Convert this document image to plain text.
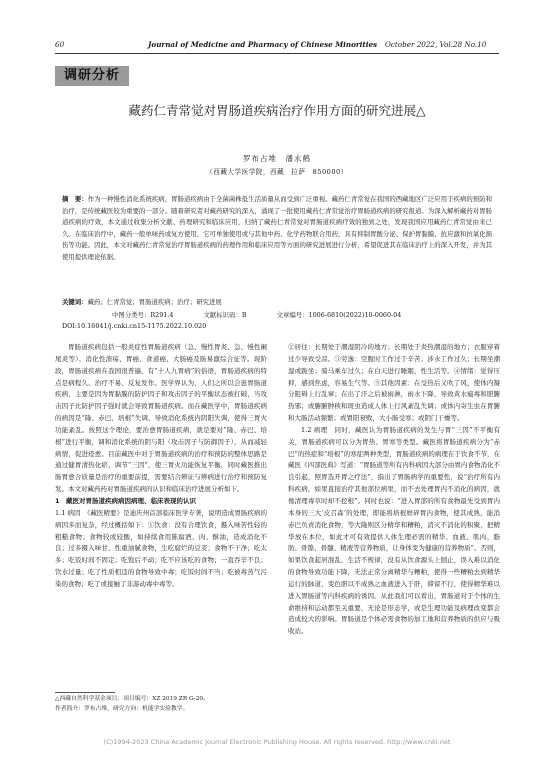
60	Journal of Medicine and Pharmacy of Chinese Minorities October 2022, Vol.28 No.10
调研分析
藏药仁青常觉对胃肠道疾病治疗作用方面的研究进展△
罗布占堆　潘永鹤
（西藏大学医学院，西藏　拉萨　850000）
摘　要：作为一种慢性消化系统疾病，胃肠道疾病由于全菌菌株低生活质量从而受到广泛重视。藏药仁青常觉在我国的西藏地区广泛应用于疾病的预防和治疗，是传统藏医较为重要的一部分。随着研究者对藏药研究的深入，涌现了一批使用藏药仁青常觉治疗胃肠道疾病的研究报道。为深入解析藏药对胃肠道疾病的疗效，本文通过收集分析文献、药理研究和临床应用，归纳了藏药仁青常觉对胃肠道疾病疗效的独到之处，发现我国应用藏药仁青常觉由来已久。在临床治疗中，藏药一般单味药或复方使用，它可单独使用或与其他中药、化学药物联合用药，具有抑制胃酸分泌、保护胃黏膜、抗应激和抗氧化损伤等功能。因此，本文对藏药仁青常觉治疗胃肠道疾病的药理作用和临床应用等方面的研究进展进行分析，希望促进其在临床治疗上的深入开发，并为其使用提供理论依据。
关键词：藏药；仁青常觉；胃肠道疾病；治疗；研究进展
中图分类号：R291.4	文献标识码：B	文章编号：1006-6810(2022)10-0060-04
DOI:10.16041/j.cnki.cn15-1175.2022.10.020

胃肠道疾病包括一般炎症性胃肠道疾病（急、慢性胃炎、急、慢性阑尾炎等）、消化性溃疡、胃癌、食道癌、大肠癌及肠易激综合征等。现阶段，胃肠道疾病在我国很普遍，有“十人九胃病”的俗语，胃肠道疾病的特点是病程久、治疗不易、反复发作。医学界认为，人们之所以会患胃肠道疾病，主要是因为胃黏膜的防护因子和攻击因子的平衡状态被打破，当攻击因子比防护因子强时就会导致胃肠道疾病。而在藏医学中，胃肠道疾病的病因是“隆、赤巴、培根”失调、导致消化系统内阴阳失调，使得三胃火功能紊乱。按照这个理论，要治愈胃肠道疾病，就是要对“隆、赤巴、培根”进行平衡，调和消化系统的阴与阳（攻击因子与防御因子），从而减轻病情，促进痊愈。目前藏医中对于胃肠道疾病的治疗和预防的整体思路是通过健胃清热化瘀，调节“三因”，使三胃火功能恢复平衡，同时藏医推出肠胃愈合质量是治疗的重要前提，需要结合辨证与辨病进行治疗和预防复发。本文对藏药药对胃肠道疾病的认识和临床治疗进展分析如下。

1　藏医对胃肠道疾病病因病理、临床表现的认识

1.1 病因　《藏医精要》是迪庆州首部临床医学专著，说明造成胃肠疾病的病因多而复杂，经过概括如下：①饮食：没有合理饮食，摄入味苦性轻的粗糙食物；食物较或较酸，如持续食用陈腐酒、肉、酥油，造成消化不良；过多摄入味甘、性重油腻食物，生吃腐烂的豆麦；食物不干净；吃太多；吃饭时间不固定；吃饱后不动；吃不应该吃的食物；一直吞辛不良；饮水过量；吃了性质相违的食物导致中毒；吃饭时间不当；吃被毒蒸气污染的食物；吃了或接触了非游动毒中毒等。

△西藏自然科学基金项目，项目编号：XZ 2019 ZR G-20。
作者简介：罗布占堆，研究方向：机能学实验教学。

②居住：长期处于潮湿阴冷的地方；长期处于炎热潮湿的地方；衣服穿着过少导致受凉。③劳逸：空腹时工作过于辛苦；涉水工作过久；长期坐潮湿或跪坐；骑马乘车过久；在白天进行睡眠，性生活等。④情绪：觉得压抑，感到焦虑，容易生气等。⑤其他因素：在受热后又吹了风，使体内凝分阻碍上行乱窜；在出了汗之后被雨淋，雨水下降，导致黄水瘟毒和胆腑热邪；或腑腑肿秧和斑虫造成人体上行风紊乱失调；或体内寄生虫在胃腑和大肠活动频繁；或胃阳衰败，大小肠受寒；或阴门干燥等。

1.2 病理　同时，藏医认为胃肠道疾病的发生与胃“三因”不平衡有关，胃肠道疾病可以分为胃热、胃寒等类型。藏医将胃肠道疾病分为“赤巴”的热症和“培根”的寒症两种类型，胃肠道疾病的病理在于饮食不节，在藏医《四部医典》写道：“胃肠道等所有内科病因大部分由胃内食物消化不良引起，照胃选开胃之疗法”，指出了胃肠病学的重要性，说“治疗所有内科疾病，如果直接治疗其他部位病果，而不去处理胃内不消化的病因，就像清理毒草时却不挖根”。同时也说：“进入胃部的所有食物最先受到胃内本身的三大‘皮召森’的处理，即能将培根磨碎胃内食物，使其成熟，能消赤巴负责消化食物，等大隆则区分精华和糟粕，消灭不消化的积聚，把精华放在本位，如此才可有效提供人体生理必需的精华、血液、肌肉、脂肪、骨骼、骨髓、精液等营养物质，让身体变为健康的营养物质”。否则，如果饮食起居混乱，生活不规律，没有从饮食源头上刨止，误入难以消化的食物导致功能下降，无法正常分离精华与糟粕，使得一些糟粕去到精华运行的脉道、变色胆以不成熟之血液进入于肝，滞留不行，使得精华难以进入胃肠道等内科疾病的诱因。从此我们可以看出，胃肠道对于个体的生命维持和运动都至关重要，无论是形态学，或是生理功能及病理改变都会造成较大的影响。胃肠道是个体必需食物的加工地和营养物质的供应与吸收站。

(C)1994-2023 China Academic Journal Electronic Publishing House. All rights reserved. http://www.cnki.net
